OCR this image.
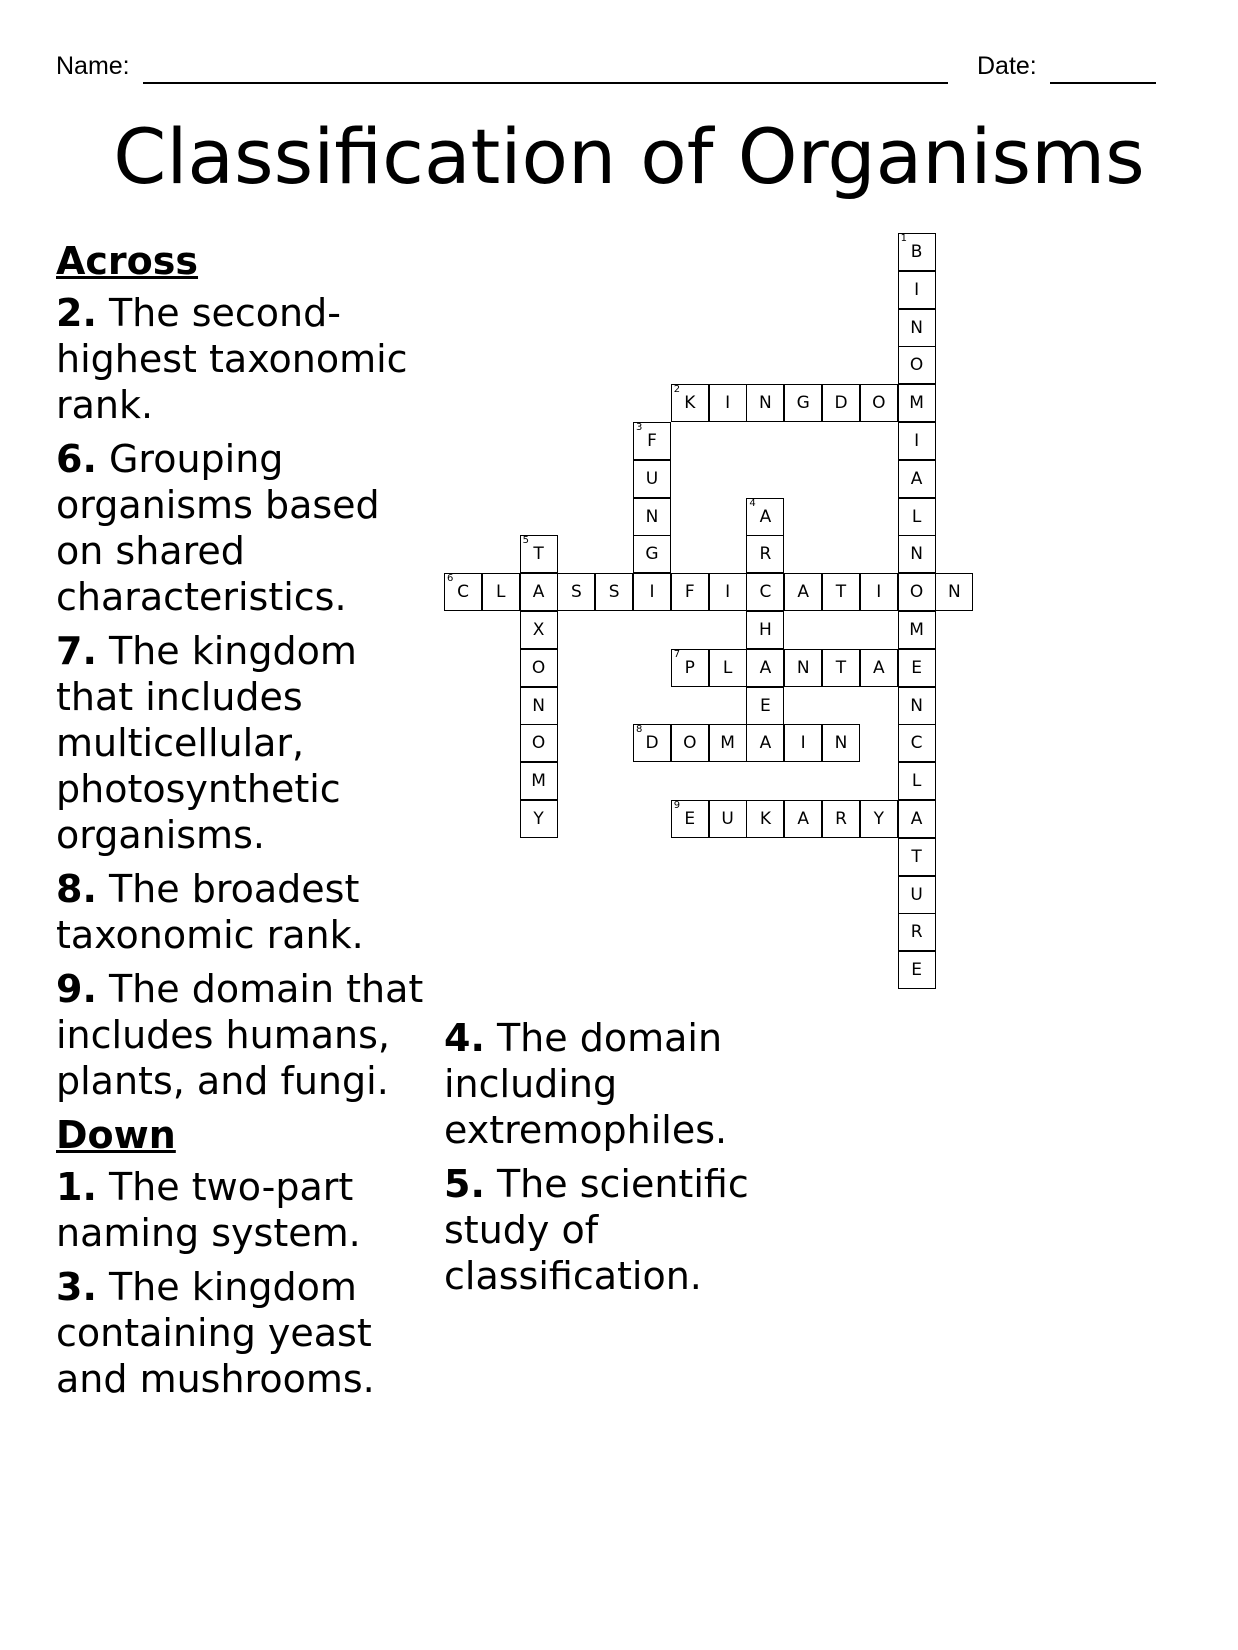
Name:	Date:
Classification of Organisms
B
1
I
N
O
M
I
A
L
N
O
M
E
N
C
L
A
T
U
R
E
K
2
I N G D O
F
3
U
N
G
I
A
4
R
C
H
A
E
A
T
5
A
X
O
N
O
M
Y
C
6
L	S S	F I	A T I	N
P
7
L	N T A
D
8
O M	I N
E
9
U K A R Y
Across
2. The second-highest taxonomic rank.
6. Grouping organisms based on shared characteristics.
7. The kingdom that includes multicellular, photosynthetic organisms.
8. The broadest taxonomic rank.
9. The domain that includes humans, plants, and fungi.
Down
1. The two-part naming system.
3. The kingdom containing yeast and mushrooms.
4. The domain including extremophiles.
5. The scientific study of classification.
